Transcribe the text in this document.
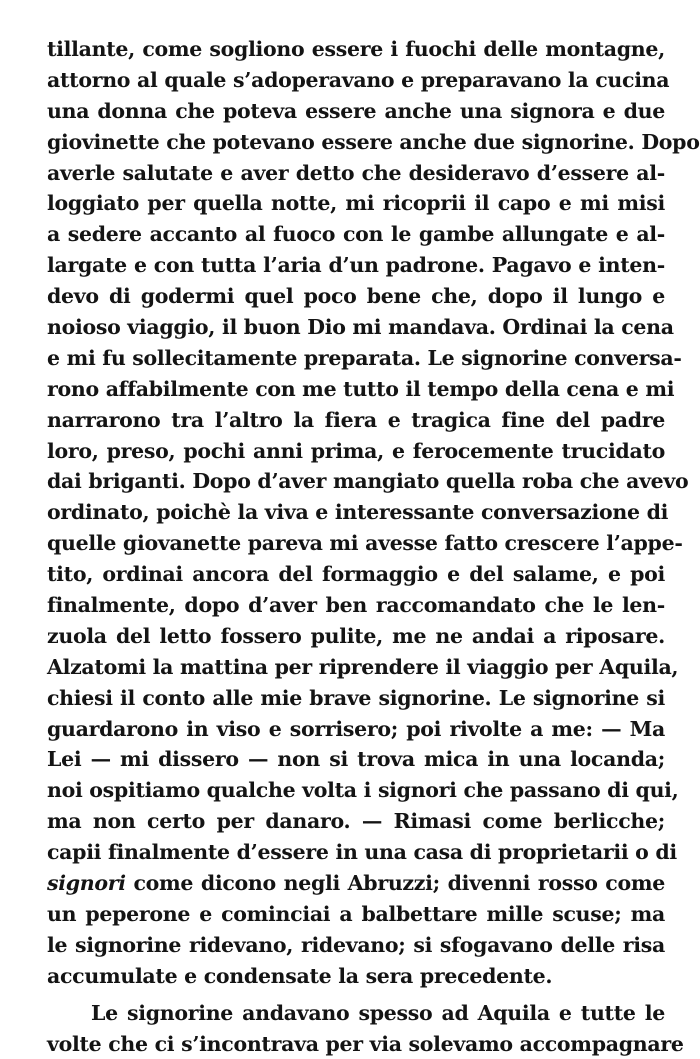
tillante, come sogliono essere i fuochi delle montagne,
attorno al quale s’adoperavano e preparavano la cucina
una donna che poteva essere anche una signora e due
giovinette che potevano essere anche due signorine. Dopo
averle salutate e aver detto che desideravo d’essere al-
loggiato per quella notte, mi ricoprii il capo e mi misi
a sedere accanto al fuoco con le gambe allungate e al-
largate e con tutta l’aria d’un padrone. Pagavo e inten-
devo di godermi quel poco bene che, dopo il lungo e
noioso viaggio, il buon Dio mi mandava. Ordinai la cena
e mi fu sollecitamente preparata. Le signorine conversa-
rono affabilmente con me tutto il tempo della cena e mi
narrarono tra l’altro la fiera e tragica fine del padre
loro, preso, pochi anni prima, e ferocemente trucidato
dai briganti. Dopo d’aver mangiato quella roba che avevo
ordinato, poichè la viva e interessante conversazione di
quelle giovanette pareva mi avesse fatto crescere l’appe-
tito, ordinai ancora del formaggio e del salame, e poi
finalmente, dopo d’aver ben raccomandato che le len-
zuola del letto fossero pulite, me ne andai a riposare.
Alzatomi la mattina per riprendere il viaggio per Aquila,
chiesi il conto alle mie brave signorine. Le signorine si
guardarono in viso e sorrisero; poi rivolte a me: — Ma
Lei — mi dissero — non si trova mica in una locanda;
noi ospitiamo qualche volta i signori che passano di qui,
ma non certo per danaro. — Rimasi come berlicche;
capii finalmente d’essere in una casa di proprietarii o di
signori come dicono negli Abruzzi; divenni rosso come
un peperone e cominciai a balbettare mille scuse; ma
le signorine ridevano, ridevano; si sfogavano delle risa
accumulate e condensate la sera precedente.
Le signorine andavano spesso ad Aquila e tutte le
volte che ci s’incontrava per via solevamo accompagnare
